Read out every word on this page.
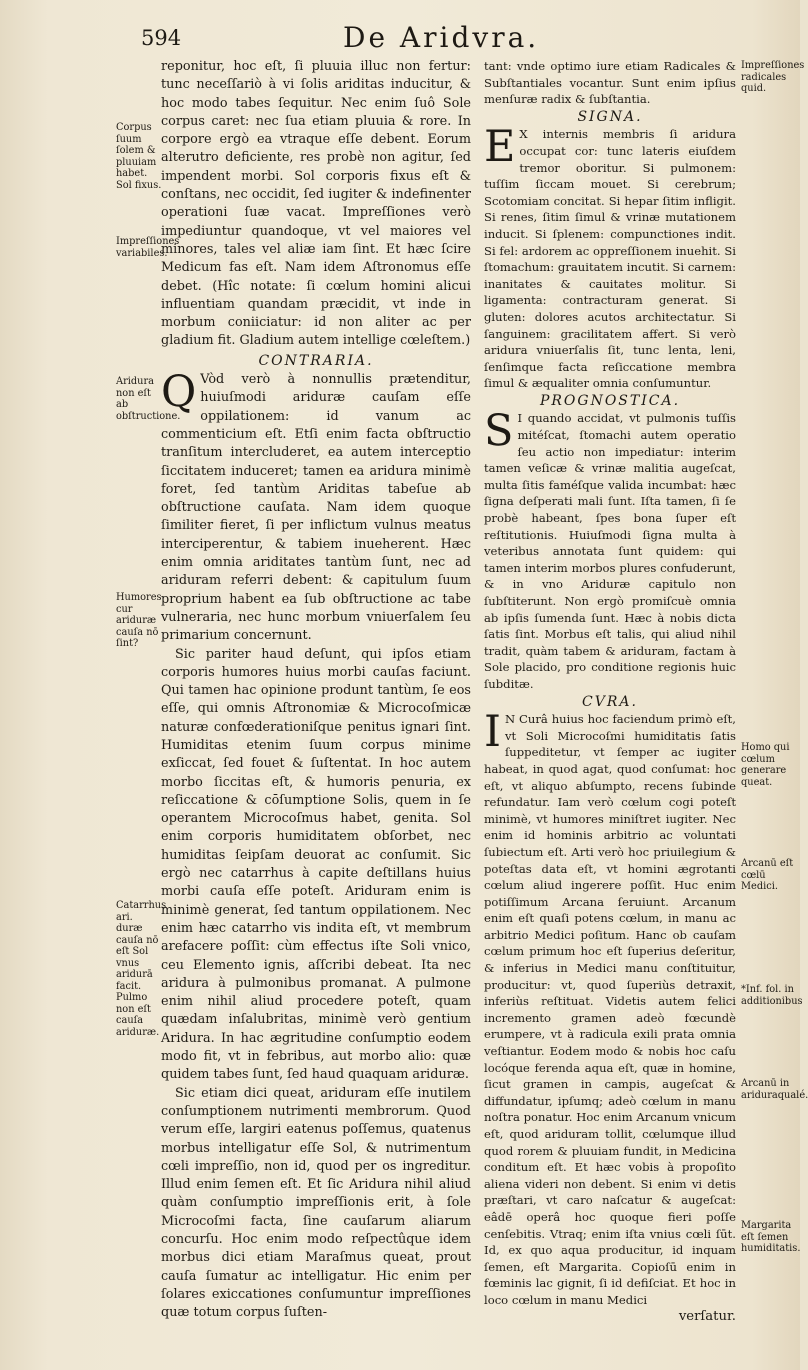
594	De Aridvra.

reponitur, hoc eſt, ſi pluuia illuc non fertur: tunc neceſſariò à vi ſolis ariditas inducitur, & hoc modo tabes ſequitur. Nec enim ſuô Sole corpus caret: nec ſua etiam pluuia & rore. In corpore ergò ea vtraque eſſe debent. Eorum alterutro deficiente, res probè non agitur, ſed impendent morbi. Sol corporis fixus eſt & conſtans, nec occidit, ſed iugiter & indefinenter operationi ſuæ vacat. Impreſſiones verò impediuntur quandoque, vt vel maiores vel minores, tales vel aliæ iam ſint. Et hæc ſcire Medicum fas eſt. Nam idem Aſtronomus eſſe debet. (Hîc notate: ſi cœlum homini alicui influentiam quandam præcidit, vt inde in morbum coniiciatur: id non aliter ac per gladium fit. Gladium autem intellige cœleſtem.)

CONTRARIA.

Q Vòd verò à nonnullis prætenditur, huiuſmodi ariduræ cauſam eſſe oppilationem: id vanum ac commenticium eſt. Etſi enim facta obſtructio tranſitum intercluderet, ea autem interceptio ſiccitatem induceret; tamen ea aridura minimè foret, ſed tantùm Ariditas tabeſue ab obſtructione cauſata. Nam idem quoque ſimiliter fieret, ſi per inflictum vulnus meatus interciperentur, & tabiem inueherent. Hæc enim omnia ariditates tantùm ſunt, nec ad ariduram referri debent: & capitulum ſuum proprium habent ea ſub obſtructione ac tabe vulneraria, nec hunc morbum vniuerſalem ſeu primarium concernunt.

Sic pariter haud deſunt, qui ipſos etiam corporis humores huius morbi cauſas faciunt. Qui tamen hac opinione produnt tantùm, ſe eos eſſe, qui omnis Aſtronomiæ & Microcoſmicæ naturæ confœderationiſque penitus ignari ſint. Humiditas etenim ſuum corpus minime exſiccat, ſed fouet & ſuſtentat. In hoc autem morbo ſiccitas eſt, & humoris penuria, ex reſiccatione & cōſumptione Solis, quem in ſe operantem Microcoſmus habet, genita. Sol enim corporis humiditatem obſorbet, nec humiditas ſeipſam deuorat ac conſumit. Sic ergò nec catarrhus à capite deſtillans huius morbi cauſa eſſe poteſt. Ariduram enim is minimè generat, ſed tantum oppilationem. Nec enim hæc catarrho vis indita eſt, vt membrum arefacere poſſit: cùm effectus iſte Soli vnico, ceu Elemento ignis, aſſcribi debeat. Ita nec aridura à pulmonibus promanat. A pulmone enim nihil aliud procedere poteſt, quam quædam inſalubritas, minimè verò gentium Aridura. In hac ægritudine conſumptio eodem modo fit, vt in febribus, aut morbo alio: quæ quidem tabes ſunt, ſed haud quaquam ariduræ.

Sic etiam dici queat, ariduram eſſe inutilem conſumptionem nutrimenti membrorum. Quod verum eſſe, largiri eatenus poſſemus, quatenus morbus intelligatur eſſe Sol, & nutrimentum cœli impreſſio, non id, quod per os ingreditur. Illud enim ſemen eſt. Et ſic Aridura nihil aliud quàm conſumptio impreſſionis erit, à ſole Microcoſmi facta, ſine cauſarum aliarum concurſu. Hoc enim modo reſpectûque idem morbus dici etiam Maraſmus queat, prout cauſa ſumatur ac intelligatur. Hic enim per ſolares exiccationes conſumuntur impreſſiones quæ totum corpus ſuſten-

tant: vnde optimo iure etiam Radicales & Subſtantiales vocantur. Sunt enim ipſius menſuræ radix & ſubſtantia.

SIGNA.

E X internis membris ſi aridura occupat cor: tunc lateris eiuſdem tremor oboritur. Si pulmonem: tuſſim ſiccam mouet. Si cerebrum; Scotomiam concitat. Si hepar ſitim infligit. Si renes, ſitim ſimul & vrinæ mutationem inducit. Si ſplenem: compunctiones indit. Si fel: ardorem ac oppreſſionem inuehit. Si ſtomachum: grauitatem incutit. Si carnem: inanitates & cauitates molitur. Si ligamenta: contracturam generat. Si gluten: dolores acutos architectatur. Si ſanguinem: gracilitatem affert. Si verò aridura vniuerſalis ſit, tunc lenta, leni, ſenſimque facta reſiccatione membra ſimul & æqualiter omnia conſumuntur.

PROGNOSTICA.

S I quando accidat, vt pulmonis tuſſis mitéſcat, ſtomachi autem operatio ſeu actio non impediatur: interim tamen veſicæ & vrinæ malitia augeſcat, multa ſitis faméſque valida incumbat: hæc ſigna deſperati mali ſunt. Iſta tamen, ſi ſe probè habeant, ſpes bona ſuper eſt reſtitutionis. Huiuſmodi ſigna multa à veteribus annotata ſunt quidem: qui tamen interim morbos plures confuderunt, & in vno Ariduræ capitulo non ſubſtiterunt. Non ergò promiſcuè omnia ab ipſis ſumenda ſunt. Hæc à nobis dicta ſatis ſint. Morbus eſt talis, qui aliud nihil tradit, quàm tabem & ariduram, factam à Sole placido, pro conditione regionis huic ſubditæ.

CVRA.

I N Curâ huius hoc faciendum primò eſt, vt Soli Microcoſmi humiditatis ſatis ſuppeditetur, vt ſemper ac iugiter habeat, in quod agat, quod conſumat: hoc eſt, vt aliquo abſumpto, recens ſubinde refundatur. Iam verò cœlum cogi poteſt minimè, vt humores miniſtret iugiter. Nec enim id hominis arbitrio ac voluntati ſubiectum eſt. Arti verò hoc priuilegium & poteſtas data eſt, vt homini ægrotanti cœlum aliud ingerere poſſit. Huc enim potiſſimum Arcana ſeruiunt. Arcanum enim eſt quaſi potens cœlum, in manu ac arbitrio Medici poſitum. Hanc ob cauſam cœlum primum hoc eſt ſuperius deſeritur, & inferius in Medici manu conſtituitur, producitur: vt, quod ſuperiùs detraxit, inferiùs reſtituat. Videtis autem felici incremento gramen adeò fœcundè erumpere, vt à radicula exili prata omnia veſtiantur. Eodem modo & nobis hoc caſu locóque ferenda aqua eſt, quæ in homine, ſicut gramen in campis, augeſcat & diffundatur, ipſumq; adeò cœlum in manu noſtra ponatur. Hoc enim Arcanum vnicum eſt, quod ariduram tollit, cœlumque illud quod rorem & pluuiam fundit, in Medicina conditum eſt. Et hæc vobis à propoſito aliena videri non debent. Si enim vi detis præſtari, vt caro naſcatur & augeſcat: eâdē operâ hoc quoque fieri poſſe cenſebitis. Vtraq; enim iſta vnius cœli ſūt. Id, ex quo aqua producitur, id inquam ſemen, eſt Margarita. Copioſū enim in fœminis lac gignit, ſi id defiſciat. Et hoc in loco cœlum in manu Medici

verſatur.
Corpus ſuum ſolem & pluuiam habet. Sol fixus.
Impreſſiones variabiles.
Aridura non eſt ab obſtructione.
Humores cur ariduræ cauſa nō ſint?
Catarrhus ari. duræ cauſa nō eſt Sol vnus aridurā facit. Pulmo non eſt cauſa ariduræ.
Impreſſiones radicales quid.
Homo qui cœlum generare queat.
Arcanū eſt cœlū Medici.
*Inf. fol. in additionibus
Arcanū in ariduraqualé.
Margarita eſt ſemen humiditatis.
